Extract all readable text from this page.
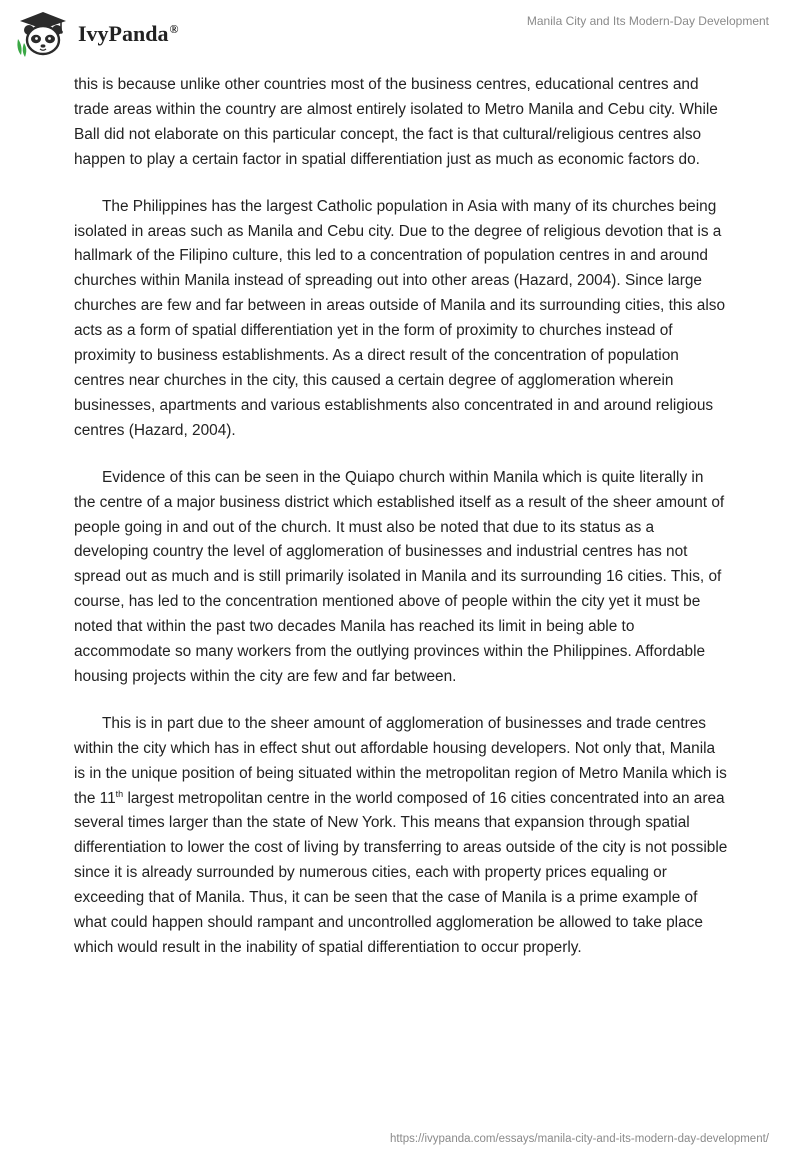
IvyPanda®
Manila City and Its Modern-Day Development

this is because unlike other countries most of the business centres, educational centres and trade areas within the country are almost entirely isolated to Metro Manila and Cebu city. While Ball did not elaborate on this particular concept, the fact is that cultural/religious centres also happen to play a certain factor in spatial differentiation just as much as economic factors do.

The Philippines has the largest Catholic population in Asia with many of its churches being isolated in areas such as Manila and Cebu city. Due to the degree of religious devotion that is a hallmark of the Filipino culture, this led to a concentration of population centres in and around churches within Manila instead of spreading out into other areas (Hazard, 2004). Since large churches are few and far between in areas outside of Manila and its surrounding cities, this also acts as a form of spatial differentiation yet in the form of proximity to churches instead of proximity to business establishments. As a direct result of the concentration of population centres near churches in the city, this caused a certain degree of agglomeration wherein businesses, apartments and various establishments also concentrated in and around religious centres (Hazard, 2004).

Evidence of this can be seen in the Quiapo church within Manila which is quite literally in the centre of a major business district which established itself as a result of the sheer amount of people going in and out of the church. It must also be noted that due to its status as a developing country the level of agglomeration of businesses and industrial centres has not spread out as much and is still primarily isolated in Manila and its surrounding 16 cities. This, of course, has led to the concentration mentioned above of people within the city yet it must be noted that within the past two decades Manila has reached its limit in being able to accommodate so many workers from the outlying provinces within the Philippines. Affordable housing projects within the city are few and far between.

This is in part due to the sheer amount of agglomeration of businesses and trade centres within the city which has in effect shut out affordable housing developers. Not only that, Manila is in the unique position of being situated within the metropolitan region of Metro Manila which is the 11th largest metropolitan centre in the world composed of 16 cities concentrated into an area several times larger than the state of New York. This means that expansion through spatial differentiation to lower the cost of living by transferring to areas outside of the city is not possible since it is already surrounded by numerous cities, each with property prices equaling or exceeding that of Manila. Thus, it can be seen that the case of Manila is a prime example of what could happen should rampant and uncontrolled agglomeration be allowed to take place which would result in the inability of spatial differentiation to occur properly.

https://ivypanda.com/essays/manila-city-and-its-modern-day-development/
